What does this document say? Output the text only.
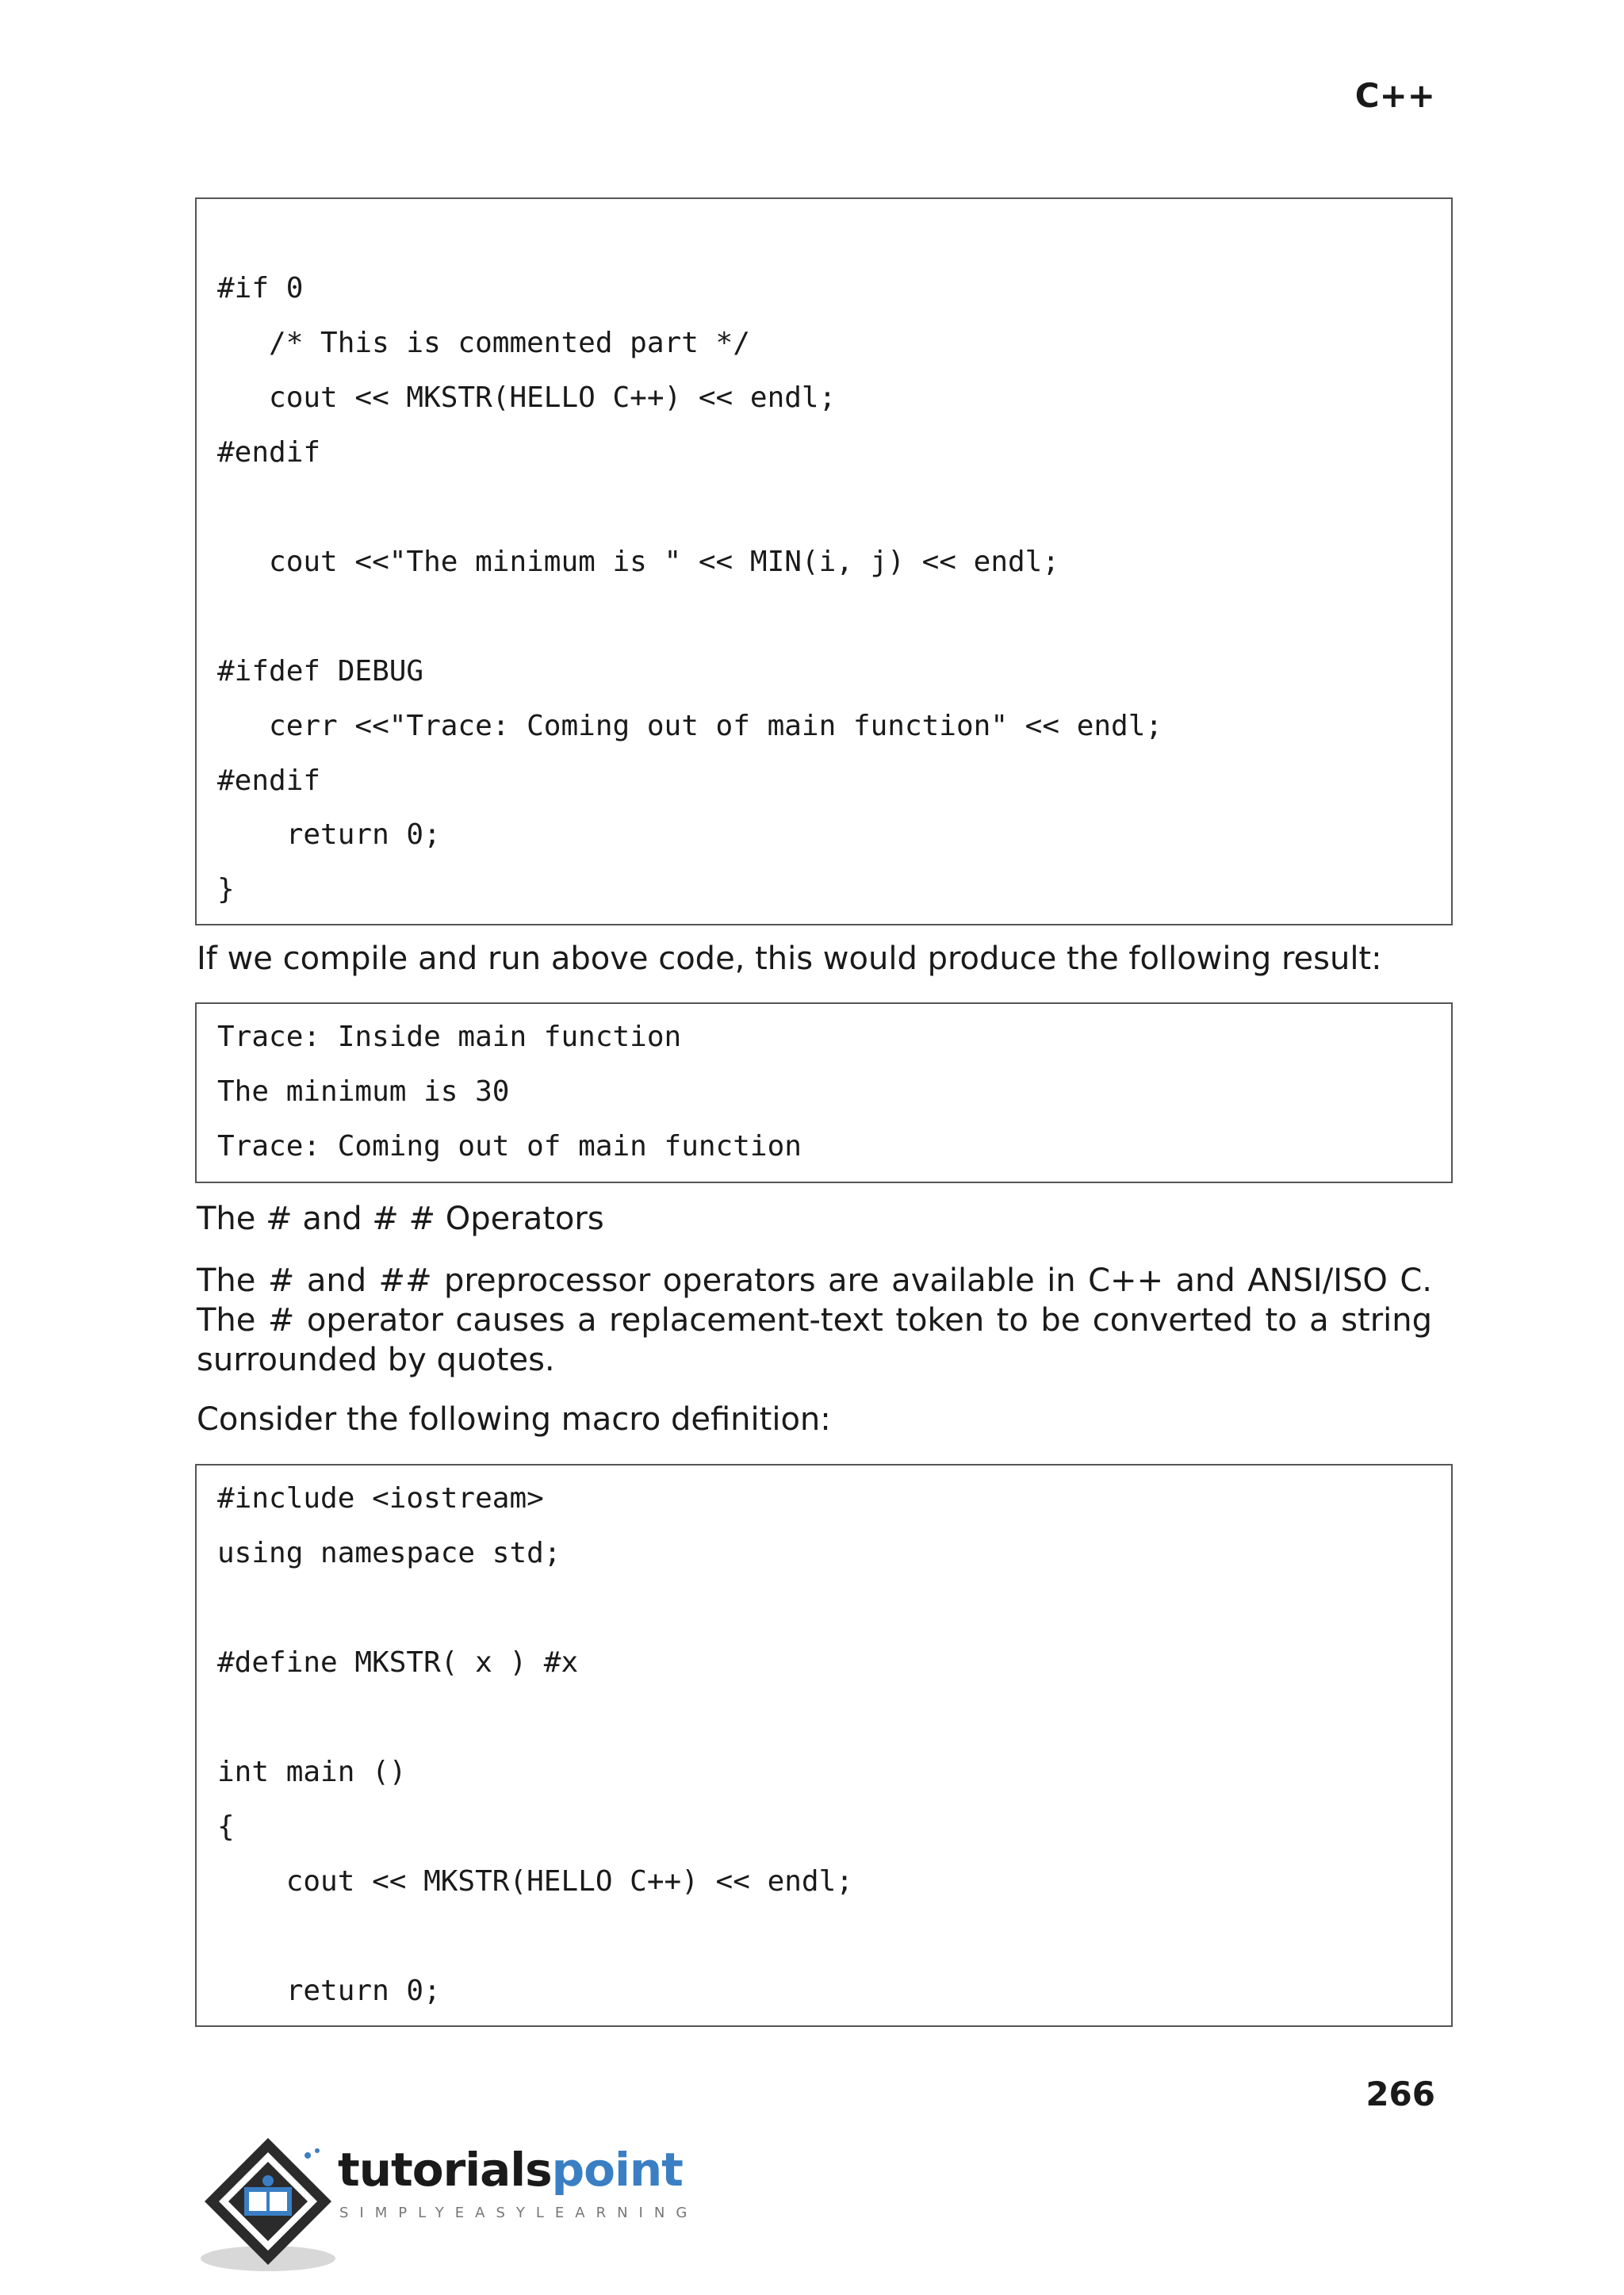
C++
#if 0
/* This is commented part */
cout << MKSTR(HELLO C++) << endl;
#endif
cout <<"The minimum is " << MIN(i, j) << endl;
#ifdef DEBUG
cerr <<"Trace: Coming out of main function" << endl;
#endif
return 0;
}
If we compile and run above code, this would produce the following result:
Trace: Inside main function
The minimum is 30
Trace: Coming out of main function
The # and # # Operators
The # and ## preprocessor operators are available in C++ and ANSI/ISO C. The # operator causes a replacement-text token to be converted to a string surrounded by quotes.
Consider the following macro definition:
#include <iostream>
using namespace std;
#define MKSTR( x ) #x
int main ()
{
cout << MKSTR(HELLO C++) << endl;
return 0;
266
tutorialspoint
SIMPLYEASYLEARNING
